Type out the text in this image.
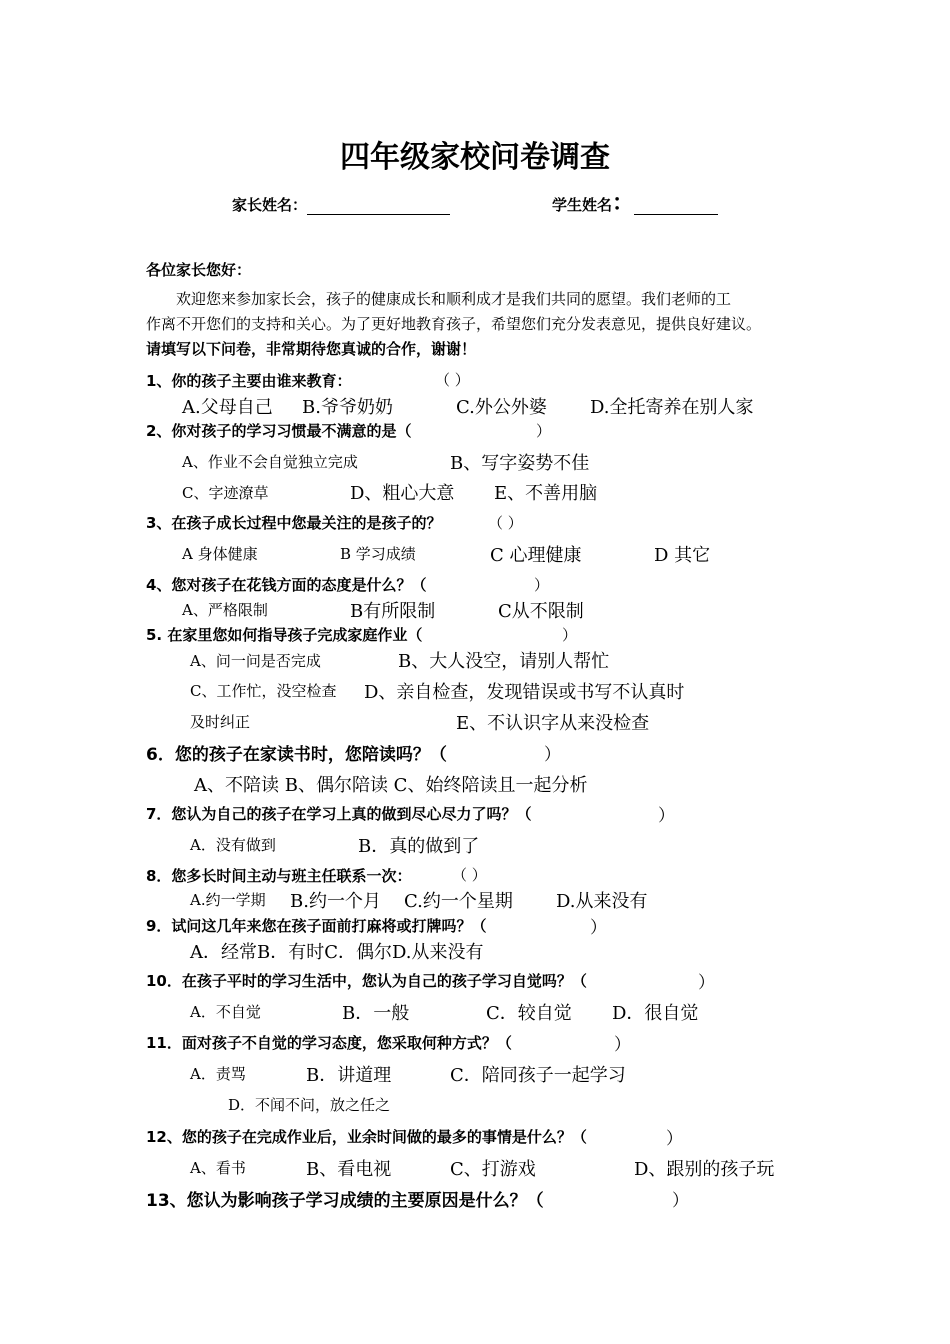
四年级家校问卷调查
家长姓名：	学生姓名：
各位家长您好：
欢迎您来参加家长会，孩子的健康成长和顺利成才是我们共同的愿望。我们老师的工
作离不开您们的支持和关心。为了更好地教育孩子，希望您们充分发表意见，提供良好建议。
请填写以下问卷，非常期待您真诚的合作，谢谢！
1、你的孩子主要由谁来教育：	（ ）
A.父母自己 B.爷爷奶奶	C.外公外婆 D.全托寄养在别人家
2、你对孩子的学习习惯最不满意的是（	）
A、作业不会自觉独立完成	B、写字姿势不佳
C、字迹潦草	D、粗心大意 E、不善用脑
3、在孩子成长过程中您最关注的是孩子的？	（ ）
A 身体健康	B 学习成绩	C 心理健康	D 其它
4、您对孩子在花钱方面的态度是什么？（	）
A、严格限制	B有所限制	C从不限制
5. 在家里您如何指导孩子完成家庭作业（	）
A、问一问是否完成	B、大人没空，请别人帮忙
C、工作忙，没空检查 D、亲自检查，发现错误或书写不认真时
及时纠正	E、不认识字从来没检查
6．您的孩子在家读书时，您陪读吗？（	）
A、不陪读 B、偶尔陪读 C、始终陪读且一起分析
7．您认为自己的孩子在学习上真的做到尽心尽力了吗？（	）
A．没有做到	B．真的做到了
8．您多长时间主动与班主任联系一次：	（ ）
A.约一学期 B.约一个月 C.约一个星期 D.从来没有
9．试问这几年来您在孩子面前打麻将或打牌吗？（	）
A．经常B．有时C．偶尔D.从来没有
10．在孩子平时的学习生活中，您认为自己的孩子学习自觉吗？（	）
A．不自觉	B．一般	C．较自觉 D．很自觉
11．面对孩子不自觉的学习态度，您采取何种方式？（	）
A．责骂	B．讲道理	C．陪同孩子一起学习
D．不闻不问，放之任之
12、您的孩子在完成作业后，业余时间做的最多的事情是什么？（	）
A、看书	B、看电视	C、打游戏	D、跟别的孩子玩
13、您认为影响孩子学习成绩的主要原因是什么？（	）
